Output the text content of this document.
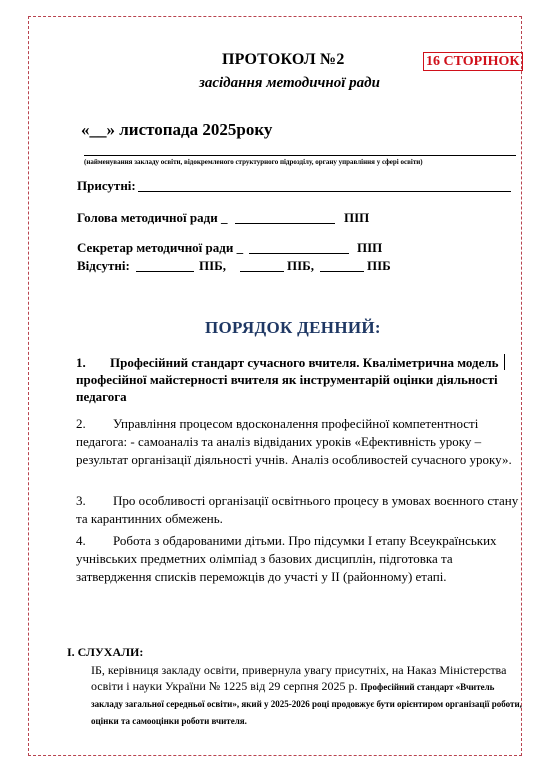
ПРОТОКОЛ №2	16 СТОРІНОК
засідання методичної ради
«__» листопада 2025року
(найменування закладу освіти, відокремленого структурного підрозділу, органу управління у сфері освіти)
Присутні:
Голова методичної ради _	ПІП
Секретар методичної ради _	ПІП
Відсутні:	ПІБ,	ПІБ,	ПІБ
ПОРЯДОК ДЕННИЙ:
1. Професійний стандарт сучасного вчителя. Кваліметрична модель професійної майстерності вчителя як інструментарій оцінки діяльності педагога
2. Управління процесом вдосконалення професійної компетентності педагога: - самоаналіз та аналіз відвіданих уроків «Ефективність уроку – результат організації діяльності учнів. Аналіз особливостей сучасного уроку».
3. Про особливості організації освітнього процесу в умовах воєнного стану та карантинних обмежень.
4. Робота з обдарованими дітьми. Про підсумки І етапу Всеукраїнських учнівських предметних олімпіад з базових дисциплін, підготовка та затвердження списків переможців до участі у ІІ (районному) етапі.
І. СЛУХАЛИ:
ІБ, керівниця закладу освіти, привернула увагу присутніх, на Наказ Міністерства освіти і науки України № 1225 від 29 серпня 2025 р. Професійний стандарт «Вчитель закладу загальної середньої освіти», який у 2025-2026 році продовжує бути орієнтиром організації роботи, оцінки та самооцінки роботи вчителя.
